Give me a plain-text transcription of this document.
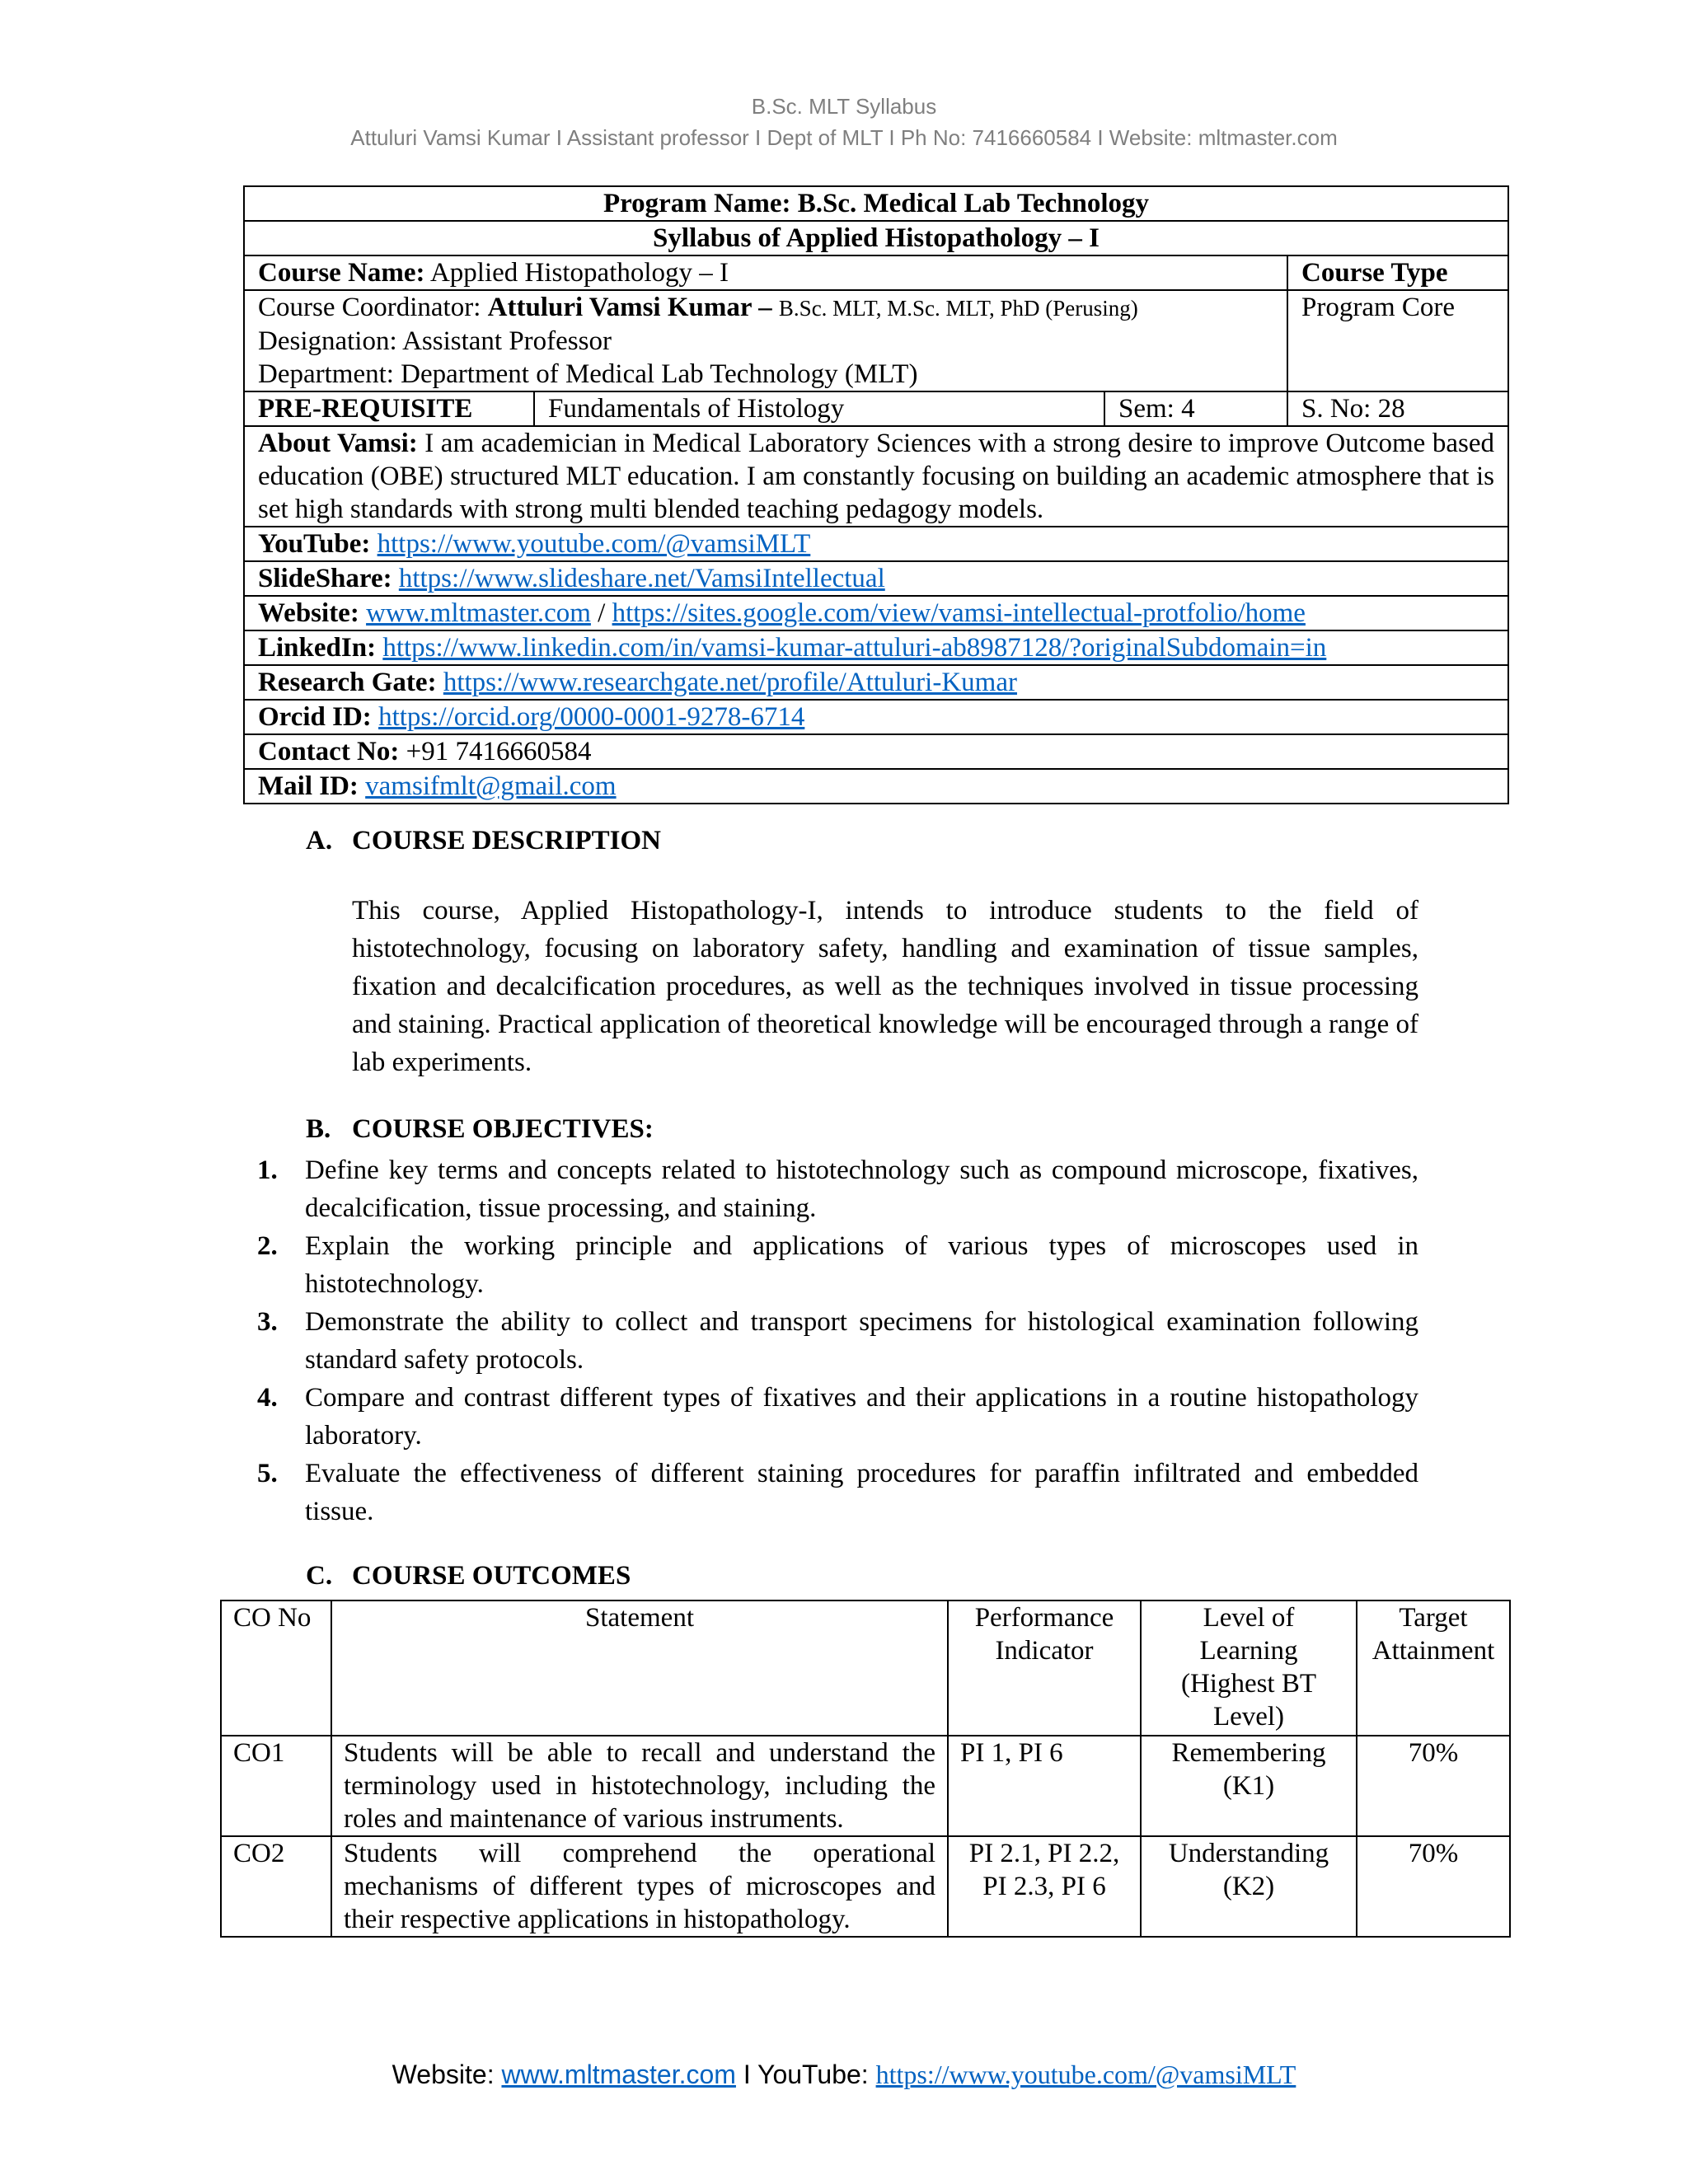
B.Sc. MLT Syllabus
Attuluri Vamsi Kumar I Assistant professor I Dept of MLT I Ph No: 7416660584 I Website: mltmaster.com
Program Name: B.Sc. Medical Lab Technology			
Syllabus of Applied Histopathology – I			
Course Name: Applied Histopathology – I			Course Type

Course Coordinator: Attuluri Vamsi Kumar – B.Sc. MLT, M.Sc. MLT, PhD (Perusing)
Designation: Assistant Professor
Department: Department of Medical Lab Technology (MLT)			Program Core
PRE-REQUISITE	Fundamentals of Histology	Sem: 4	S. No: 28
About Vamsi: I am academician in Medical Laboratory Sciences with a strong desire to improve Outcome based education (OBE) structured MLT education. I am constantly focusing on building an academic atmosphere that is set high standards with strong multi blended teaching pedagogy models.			
YouTube: https://www.youtube.com/@vamsiMLT			
SlideShare: https://www.slideshare.net/VamsiIntellectual			
Website: www.mltmaster.com / https://sites.google.com/view/vamsi-intellectual-protfolio/home			
LinkedIn: https://www.linkedin.com/in/vamsi-kumar-attuluri-ab8987128/?originalSubdomain=in			
Research Gate: https://www.researchgate.net/profile/Attuluri-Kumar			
Orcid ID: https://orcid.org/0000-0001-9278-6714			
Contact No: +91 7416660584			
Mail ID: vamsifmlt@gmail.com			
A. COURSE DESCRIPTION

This course, Applied Histopathology-I, intends to introduce students to the field of histotechnology, focusing on laboratory safety, handling and examination of tissue samples, fixation and decalcification procedures, as well as the techniques involved in tissue processing and staining. Practical application of theoretical knowledge will be encouraged through a range of lab experiments.

B. COURSE OBJECTIVES:
1. Define key terms and concepts related to histotechnology such as compound microscope, fixatives, decalcification, tissue processing, and staining.
2. Explain the working principle and applications of various types of microscopes used in histotechnology.
3. Demonstrate the ability to collect and transport specimens for histological examination following standard safety protocols.
4. Compare and contrast different types of fixatives and their applications in a routine histopathology laboratory.
5. Evaluate the effectiveness of different staining procedures for paraffin infiltrated and embedded tissue.
C. COURSE OUTCOMES
CO No	Statement	Performance Indicator	Level of Learning (Highest BT Level)	Target Attainment
CO1	Students will be able to recall and understand the terminology used in histotechnology, including the roles and maintenance of various instruments.	PI 1, PI 6	Remembering (K1)	70%
CO2	Students will comprehend the operational mechanisms of different types of microscopes and their respective applications in histopathology.	PI 2.1, PI 2.2, PI 2.3, PI 6	Understanding (K2)	70%
Website: www.mltmaster.com I YouTube: https://www.youtube.com/@vamsiMLT
